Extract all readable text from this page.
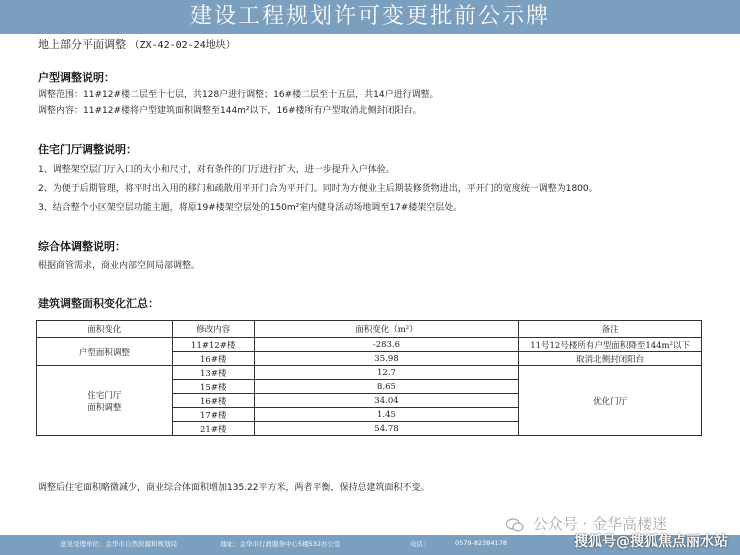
建设工程规划许可变更批前公示牌
地上部分平面调整 （ZX-42-02-24地块）
户型调整说明：
调整范围：11#12#楼二层至十七层，共128户进行调整；16#楼二层至十五层，共14户进行调整。
调整内容：11#12#楼将户型建筑面积调整至144m²以下，16#楼所有户型取消北侧封闭阳台。
住宅门厅调整说明：
1、调整架空层门厅入口的大小和尺寸，对有条件的门厅进行扩大，进一步提升入户体验。
2、为便于后期管理，将平时出入用的移门和疏散用平开门合为平开门。同时为方便业主后期装修货物进出，平开门的宽度统一调整为1800。
3、结合整个小区架空层功能主题，将原19#楼架空层处的150m²室内健身活动场地调至17#楼架空层处。
综合体调整说明：
根据商管需求，商业内部空间局部调整。
建筑调整面积变化汇总：
面积变化	修改内容	面积变化（m²）	备注
户型面积调整	11#12#楼	-283.6	11号12号楼所有户型面积降至144m²以下
	16#楼	35.98	取消北侧封闭阳台

住宅门厅
面积调整	13#楼	12.7	优化门厅
	15#楼	8.65	
	16#楼	34.04	
	17#楼	1.45	
	21#楼	54.78	
调整后住宅面积略微减少，商业综合体面积增加135.22平方米，两者平衡，保持总建筑面积不变。
公众号 · 金华高楼迷
意见受理单位：金华市自然资源和规划局	地址：金华市行政服务中心5楼532办公室	电话：	0579-82384178	搜狐号@搜狐焦点丽水站
